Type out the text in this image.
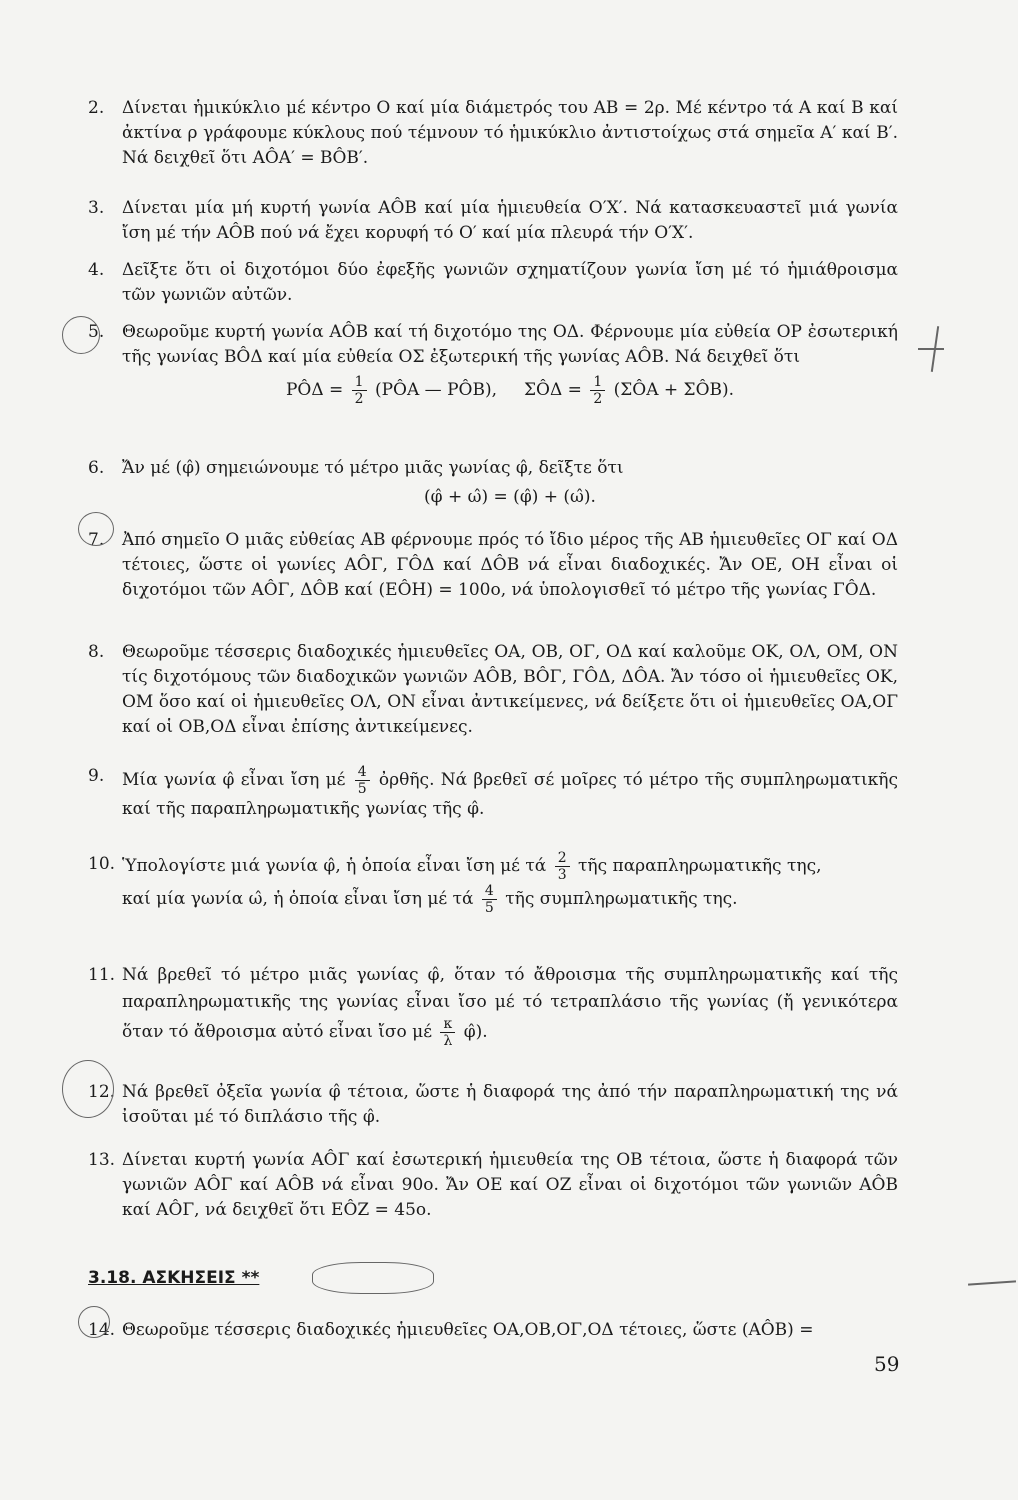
2.	Δίνεται ἡμικύκλιο μέ κέντρο Ο καί μία διάμετρός του ΑΒ = 2ρ. Μέ κέντρο τά Α καί Β καί ἀκτίνα ρ γράφουμε κύκλους πού τέμνουν τό ἡμικύκλιο ἀντιστοίχως στά σημεῖα Α′ καί Β′. Νά δειχθεῖ ὅτι ΑÔΑ′ = ΒÔΒ′.

3.	Δίνεται μία μή κυρτή γωνία ΑÔΒ καί μία ἡμιευθεία Ο′Χ′. Νά κατασκευαστεῖ μιά γωνία ἴση μέ τήν ΑÔΒ πού νά ἔχει κορυφή τό Ο′ καί μία πλευρά τήν Ο′Χ′.

4.	Δεῖξτε ὅτι οἱ διχοτόμοι δύο ἐφεξῆς γωνιῶν σχηματίζουν γωνία ἴση μέ τό ἡμιάθροισμα τῶν γωνιῶν αὐτῶν.

5.	Θεωροῦμε κυρτή γωνία ΑÔΒ καί τή διχοτόμο της ΟΔ. Φέρνουμε μία εὐθεία ΟΡ ἐσωτερική τῆς γωνίας ΒÔΔ καί μία εὐθεία ΟΣ ἐξωτερική τῆς γωνίας ΑÔΒ. Νά δειχθεῖ ὅτι

ΡÔΔ = $\frac{1}{2}$ (ΡÔΑ — ΡÔΒ), ΣÔΔ = $\frac{1}{2}$ (ΣÔΑ + ΣÔΒ).
6.	Ἄν μέ (φ̂) σημειώνουμε τό μέτρο μιᾶς γωνίας φ̂, δεῖξτε ὅτι

(φ̂ + ω̂) = (φ̂) + (ω̂).
7.	Ἀπό σημεῖο Ο μιᾶς εὐθείας ΑΒ φέρνουμε πρός τό ἴδιο μέρος τῆς ΑΒ ἡμιευθεῖες ΟΓ καί ΟΔ τέτοιες, ὥστε οἱ γωνίες ΑÔΓ, ΓÔΔ καί ΔÔΒ νά εἶναι διαδοχικές. Ἄν ΟΕ, ΟΗ εἶναι οἱ διχοτόμοι τῶν ΑÔΓ, ΔÔΒ καί (ΕÔΗ) = 100ο, νά ὑπολογισθεῖ τό μέτρο τῆς γωνίας ΓÔΔ.

8.	Θεωροῦμε τέσσερις διαδοχικές ἡμιευθεῖες ΟΑ, ΟΒ, ΟΓ, ΟΔ καί καλοῦμε ΟΚ, ΟΛ, ΟΜ, ΟΝ τίς διχοτόμους τῶν διαδοχικῶν γωνιῶν ΑÔΒ, ΒÔΓ, ΓÔΔ, ΔÔΑ. Ἄν τόσο οἱ ἡμιευθεῖες ΟΚ, ΟΜ ὅσο καί οἱ ἡμιευθεῖες ΟΛ, ΟΝ εἶναι ἀντικείμενες, νά δείξετε ὅτι οἱ ἡμιευθεῖες ΟΑ,ΟΓ καί οἱ ΟΒ,ΟΔ εἶναι ἐπίσης ἀντικείμενες.

9.	Μία γωνία φ̂ εἶναι ἴση μέ $\frac{4}{5}$ ὀρθῆς. Νά βρεθεῖ σέ μοῖρες τό μέτρο τῆς συμπληρωματικῆς καί τῆς παραπληρωματικῆς γωνίας τῆς φ̂.

10. Ὑπολογίστε μιά γωνία φ̂, ἡ ὁποία εἶναι ἴση μέ τά $\frac{2}{3}$ τῆς παραπληρωματικῆς της,
καί μία γωνία ω̂, ἡ ὁποία εἶναι ἴση μέ τά $\frac{4}{5}$ τῆς συμπληρωματικῆς της.

11. Νά βρεθεῖ τό μέτρο μιᾶς γωνίας φ̂, ὅταν τό ἄθροισμα τῆς συμπληρωματικῆς καί τῆς παραπληρωματικῆς της γωνίας εἶναι ἴσο μέ τό τετραπλάσιο τῆς γωνίας (ἤ γενικότερα ὅταν τό ἄθροισμα αὐτό εἶναι ἴσο μέ $\frac{\kappa}{\lambda}$ φ̂).

12. Νά βρεθεῖ ὀξεῖα γωνία φ̂ τέτοια, ὥστε ἡ διαφορά της ἀπό τήν παραπληρωματική της νά ἰσοῦται μέ τό διπλάσιο τῆς φ̂.

13. Δίνεται κυρτή γωνία ΑÔΓ καί ἐσωτερική ἡμιευθεία της ΟΒ τέτοια, ὥστε ἡ διαφορά τῶν γωνιῶν ΑÔΓ καί ΑÔΒ νά εἶναι 90ο. Ἄν ΟΕ καί ΟΖ εἶναι οἱ διχοτόμοι τῶν γωνιῶν ΑÔΒ καί ΑÔΓ, νά δειχθεῖ ὅτι ΕÔΖ = 45ο.

3.18. ΑΣΚΗΣΕΙΣ **
14. Θεωροῦμε τέσσερις διαδοχικές ἡμιευθεῖες ΟΑ,ΟΒ,ΟΓ,ΟΔ τέτοιες, ὥστε (ΑÔΒ) =

59
